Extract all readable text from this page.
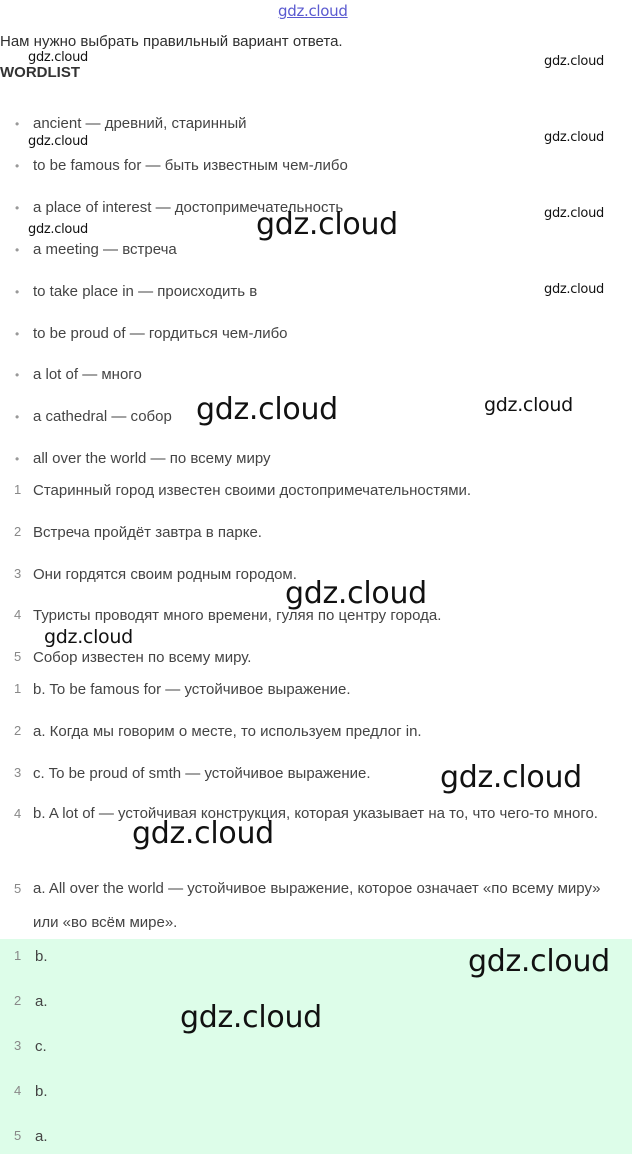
gdz.cloud
Нам нужно выбрать правильный вариант ответа.
WORDLIST
• ancient — древний, старинный
• to be famous for — быть известным чем-либо
• a place of interest — достопримечательность
• a meeting — встреча
• to take place in — происходить в
• to be proud of — гордиться чем-либо
• a lot of — много
• a cathedral — собор
• all over the world — по всему миру
1 Старинный город известен своими достопримечательностями.
2 Встреча пройдёт завтра в парке.
3 Они гордятся своим родным городом.
4 Туристы проводят много времени, гуляя по центру города.
5 Собор известен по всему миру.
1 b. To be famous for — устойчивое выражение.
2 a. Когда мы говорим о месте, то используем предлог in.
3 c. To be proud of smth — устойчивое выражение.
4 b. A lot of — устойчивая конструкция, которая указывает на то, что чего-то много.
5 a. All over the world — устойчивое выражение, которое означает «по всему миру» или «во всём мире».
1 b.
2 a.
3 c.
4 b.
5 a.
gdz.cloud	gdz.cloud
gdz.cloud	gdz.cloud
gdz.cloud
gdz.cloud	gdz.cloud
gdz.cloud
gdz.cloud	gdz.cloud
gdz.cloud
gdz.cloud
gdz.cloud
gdz.cloud
gdz.cloud
gdz.cloud
